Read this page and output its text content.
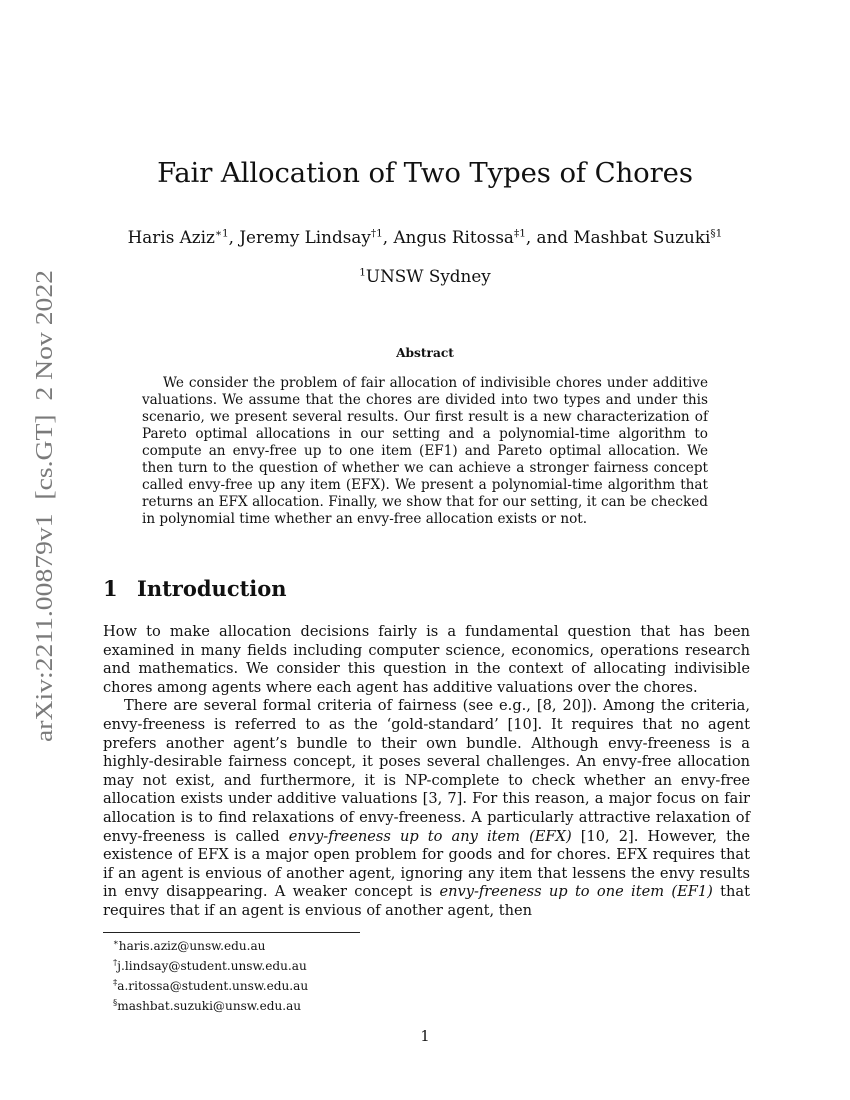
arXiv:2211.00879v1  [cs.GT]  2 Nov 2022
Fair Allocation of Two Types of Chores
Haris Aziz$^{∗1}$, Jeremy Lindsay$^{\dagger 1}$, Angus Ritossa$^{\ddagger 1}$, and Mashbat Suzuki$^{\S 1}$
$^1$UNSW Sydney
Abstract

We consider the problem of fair allocation of indivisible chores under additive valuations. We assume that the chores are divided into two types and under this scenario, we present several results. Our first result is a new characterization of Pareto optimal allocations in our setting and a polynomial-time algorithm to compute an envy-free up to one item (EF1) and Pareto optimal allocation. We then turn to the question of whether we can achieve a stronger fairness concept called envy-free up any item (EFX). We present a polynomial-time algorithm that returns an EFX allocation. Finally, we show that for our setting, it can be checked in polynomial time whether an envy-free allocation exists or not.

1 Introduction

How to make allocation decisions fairly is a fundamental question that has been examined in many fields including computer science, economics, operations research and mathematics. We consider this question in the context of allocating indivisible chores among agents where each agent has additive valuations over the chores.

There are several formal criteria of fairness (see e.g., [8, 20]). Among the criteria, envy-freeness is referred to as the ‘gold-standard’ [10]. It requires that no agent prefers another agent’s bundle to their own bundle. Although envy-freeness is a highly-desirable fairness concept, it poses several challenges. An envy-free allocation may not exist, and furthermore, it is NP-complete to check whether an envy-free allocation exists under additive valuations [3, 7]. For this reason, a major focus on fair allocation is to find relaxations of envy-freeness. A particularly attractive relaxation of envy-freeness is called envy-freeness up to any item (EFX) [10, 2]. However, the existence of EFX is a major open problem for goods and for chores. EFX requires that if an agent is envious of another agent, ignoring any item that lessens the envy results in envy disappearing. A weaker concept is envy-freeness up to one item (EF1) that requires that if an agent is envious of another agent, then

∗haris.aziz@unsw.edu.au
†j.lindsay@student.unsw.edu.au
‡a.ritossa@student.unsw.edu.au
§mashbat.suzuki@unsw.edu.au
1
